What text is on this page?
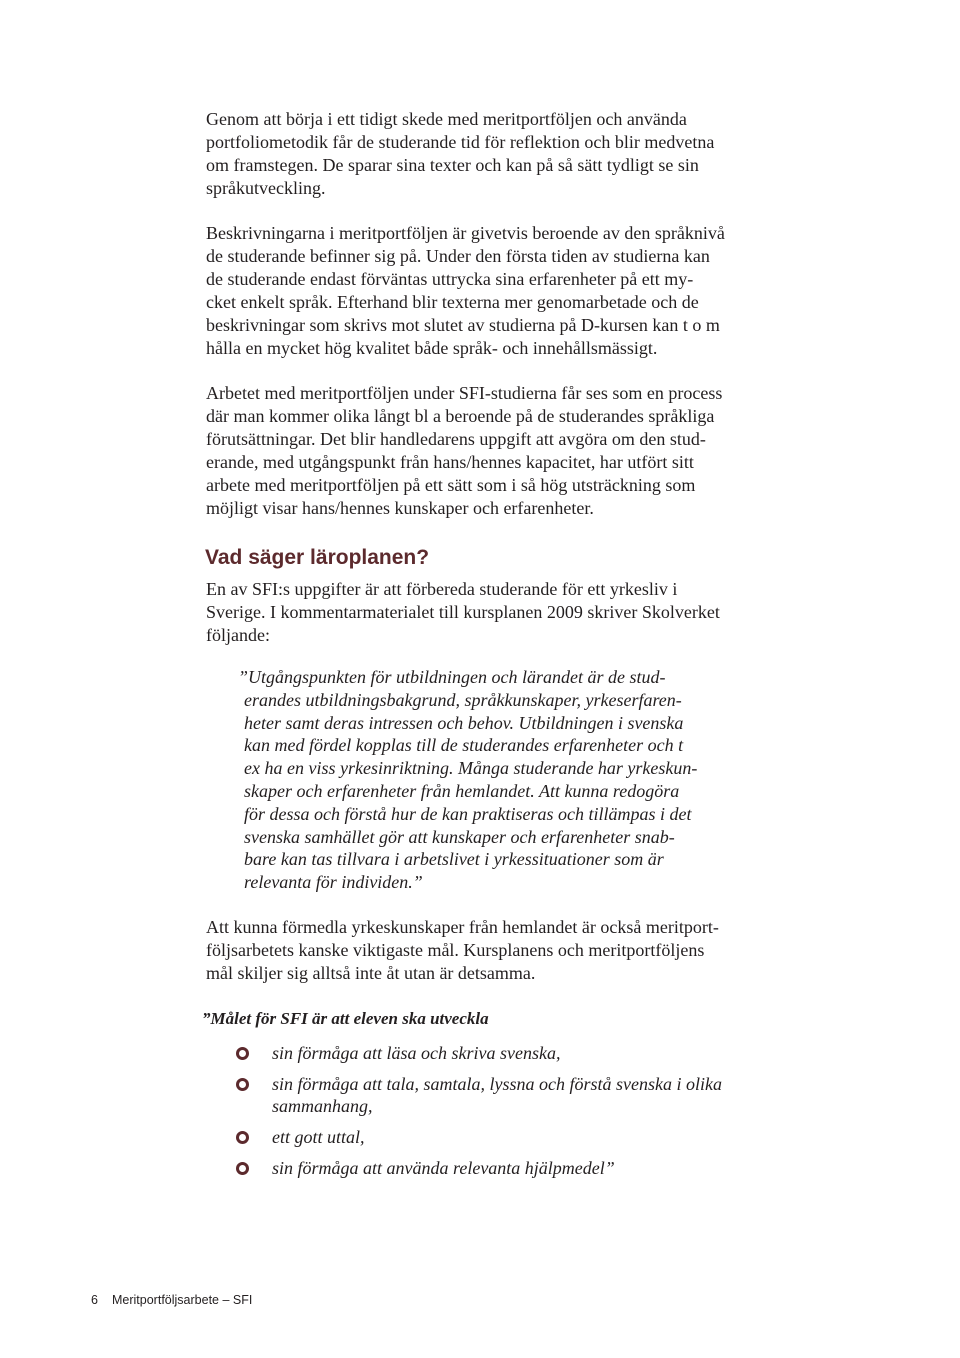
Genom att börja i ett tidigt skede med meritportföljen och använda
portfoliometodik får de studerande tid för reflektion och blir medvetna
om framstegen. De sparar sina texter och kan på så sätt tydligt se sin
språkutveckling.

Beskrivningarna i meritportföljen är givetvis beroende av den språknivå
de studerande befinner sig på. Under den första tiden av studierna kan
de studerande endast förväntas uttrycka sina erfarenheter på ett my-
cket enkelt språk. Efterhand blir texterna mer genomarbetade och de
beskrivningar som skrivs mot slutet av studierna på D-kursen kan t o m
hålla en mycket hög kvalitet både språk- och innehållsmässigt.

Arbetet med meritportföljen under SFI-studierna får ses som en process
där man kommer olika långt bl a beroende på de studerandes språkliga
förutsättningar. Det blir handledarens uppgift att avgöra om den stud-
erande, med utgångspunkt från hans/hennes kapacitet, har utfört sitt
arbete med meritportföljen på ett sätt som i så hög utsträckning som
möjligt visar hans/hennes kunskaper och erfarenheter.

Vad säger läroplanen?

En av SFI:s uppgifter är att förbereda studerande för ett yrkesliv i
Sverige. I kommentarmaterialet till kursplanen 2009 skriver Skolverket
följande:

”Utgångspunkten för utbildningen och lärandet är de stud-
erandes utbildningsbakgrund, språkkunskaper, yrkeserfaren-
heter samt deras intressen och behov. Utbildningen i svenska
kan med fördel kopplas till de studerandes erfarenheter och t
ex ha en viss yrkesinriktning. Många studerande har yrkeskun-
skaper och erfarenheter från hemlandet. Att kunna redogöra
för dessa och förstå hur de kan praktiseras och tillämpas i det
svenska samhället gör att kunskaper och erfarenheter snab-
bare kan tas tillvara i arbetslivet i yrkessituationer som är
relevanta för individen.”

Att kunna förmedla yrkeskunskaper från hemlandet är också meritport-
följsarbetets kanske viktigaste mål. Kursplanens och meritportföljens
mål skiljer sig alltså inte åt utan är detsamma.

”Målet för SFI är att eleven ska utveckla

sin förmåga att läsa och skriva svenska,
sin förmåga att tala, samtala, lyssna och förstå svenska i olika
sammanhang,
ett gott uttal,
sin förmåga att använda relevanta hjälpmedel”
6 Meritportföljsarbete – SFI
